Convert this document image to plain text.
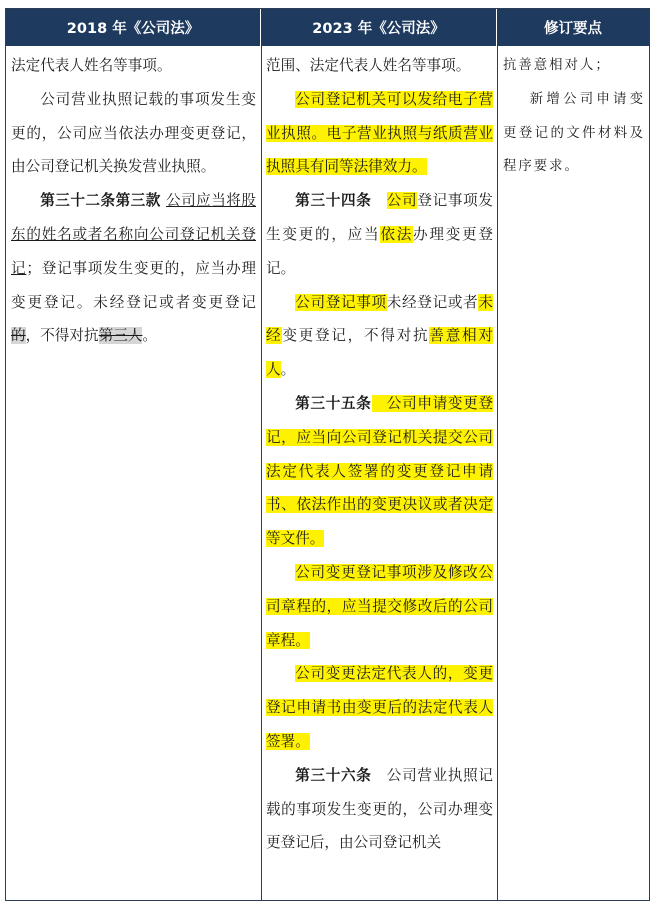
2018 年《公司法》	2023 年《公司法》	修订要点

法定代表人姓名等事项。

公司营业执照记载的事项发生变更的，公司应当依法办理变更登记，由公司登记机关换发营业执照。

第三十二条第三款 公司应当将股东的姓名或者名称向公司登记机关登记；登记事项发生变更的，应当办理变更登记。未经登记或者变更登记的，不得对抗第三人。

范围、法定代表人姓名等事项。

公司登记机关可以发给电子营业执照。电子营业执照与纸质营业执照具有同等法律效力。

第三十四条　 公司登记事项发生变更的，应当依法办理变更登记。

公司登记事项未经登记或者未经变更登记，不得对抗善意相对人。

第三十五条　公司申请变更登记，应当向公司登记机关提交公司法定代表人签署的变更登记申请书、依法作出的变更决议或者决定等文件。

公司变更登记事项涉及修改公司章程的，应当提交修改后的公司章程。

公司变更法定代表人的，变更登记申请书由变更后的法定代表人签署。

第三十六条　公司营业执照记载的事项发生变更的，公司办理变更登记后，由公司登记机关

抗善意相对人；

新增公司申请变更登记的文件材料及程序要求。
